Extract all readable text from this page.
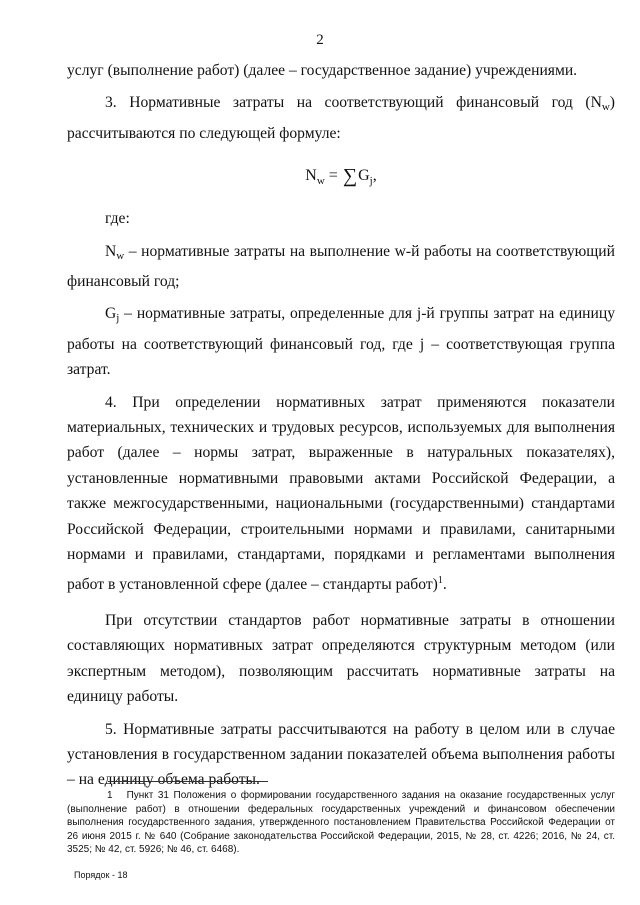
2

услуг (выполнение работ) (далее – государственное задание) учреждениями.

3. Нормативные затраты на соответствующий финансовый год (Nw) рассчитываются по следующей формуле:

$N_w = \sum G_j$,

где:

Nw – нормативные затраты на выполнение w-й работы на соответствующий финансовый год;

Gj – нормативные затраты, определенные для j-й группы затрат на единицу работы на соответствующий финансовый год, где j – соответствующая группа затрат.

4. При определении нормативных затрат применяются показатели материальных, технических и трудовых ресурсов, используемых для выполнения работ (далее – нормы затрат, выраженные в натуральных показателях), установленные нормативными правовыми актами Российской Федерации, а также межгосударственными, национальными (государственными) стандартами Российской Федерации, строительными нормами и правилами, санитарными нормами и правилами, стандартами, порядками и регламентами выполнения работ в установленной сфере (далее – стандарты работ)$^1$.

При отсутствии стандартов работ нормативные затраты в отношении составляющих нормативных затрат определяются структурным методом (или экспертным методом), позволяющим рассчитать нормативные затраты на единицу работы.

5. Нормативные затраты рассчитываются на работу в целом или в случае установления в государственном задании показателей объема выполнения работы – на единицу объема работы.

1 Пункт 31 Положения о формировании государственного задания на оказание государственных услуг (выполнение работ) в отношении федеральных государственных учреждений и финансовом обеспечении выполнения государственного задания, утвержденного постановлением Правительства Российской Федерации от 26 июня 2015 г. № 640 (Собрание законодательства Российской Федерации, 2015, № 28, ст. 4226; 2016, № 24, ст. 3525; № 42, ст. 5926; № 46, ст. 6468).
Порядок - 18
